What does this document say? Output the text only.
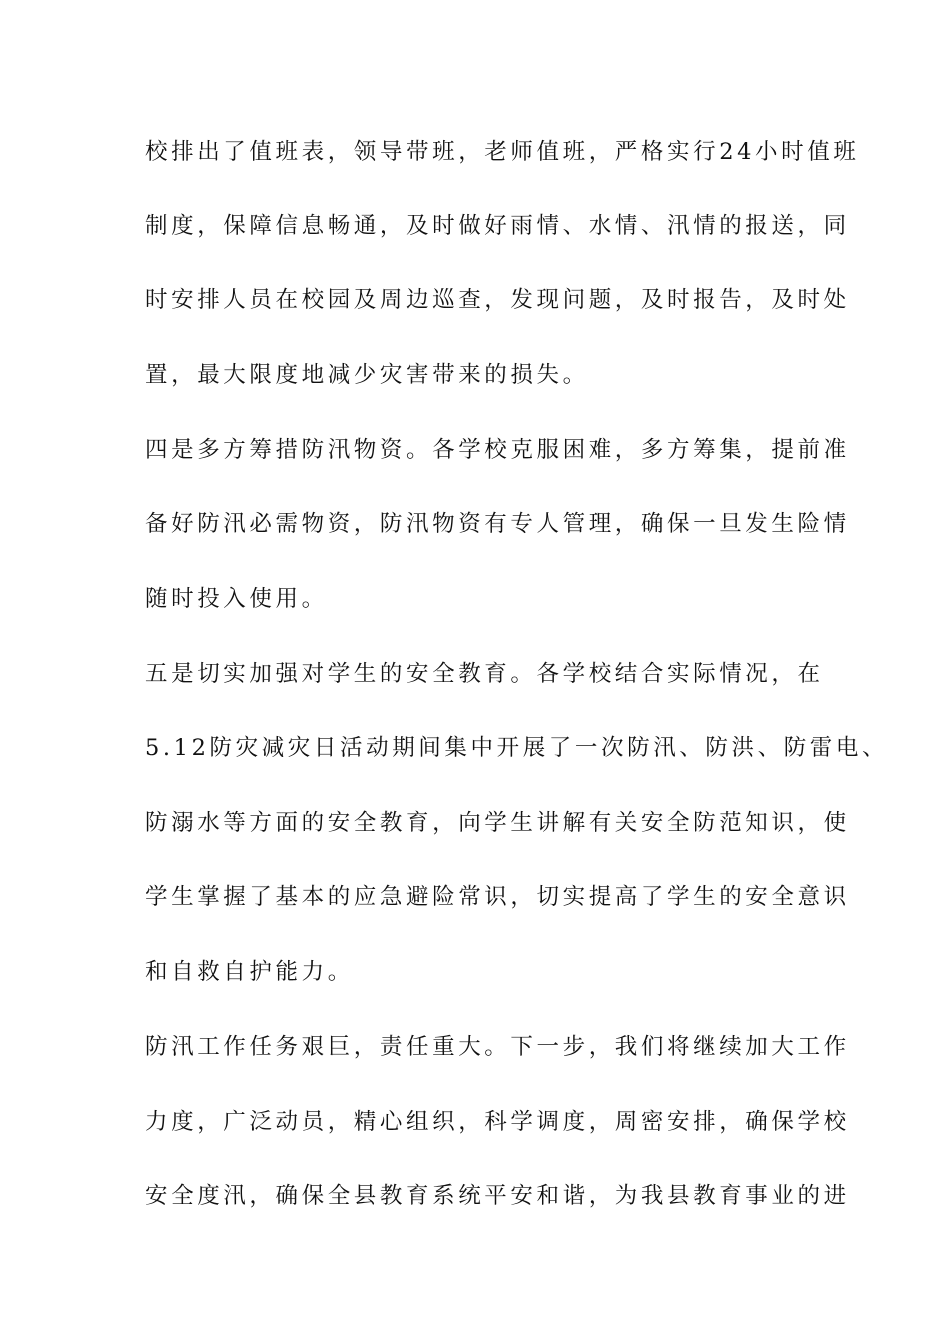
校排出了值班表，领导带班，老师值班，严格实行24小时值班
制度，保障信息畅通，及时做好雨情、水情、汛情的报送，同
时安排人员在校园及周边巡查，发现问题，及时报告，及时处
置，最大限度地减少灾害带来的损失。
四是多方筹措防汛物资。各学校克服困难，多方筹集，提前准
备好防汛必需物资，防汛物资有专人管理，确保一旦发生险情
随时投入使用。
五是切实加强对学生的安全教育。各学校结合实际情况，在
5.12防灾减灾日活动期间集中开展了一次防汛、防洪、防雷电、
防溺水等方面的安全教育，向学生讲解有关安全防范知识，使
学生掌握了基本的应急避险常识，切实提高了学生的安全意识
和自救自护能力。
防汛工作任务艰巨，责任重大。下一步，我们将继续加大工作
力度，广泛动员，精心组织，科学调度，周密安排，确保学校
安全度汛，确保全县教育系统平安和谐，为我县教育事业的进
